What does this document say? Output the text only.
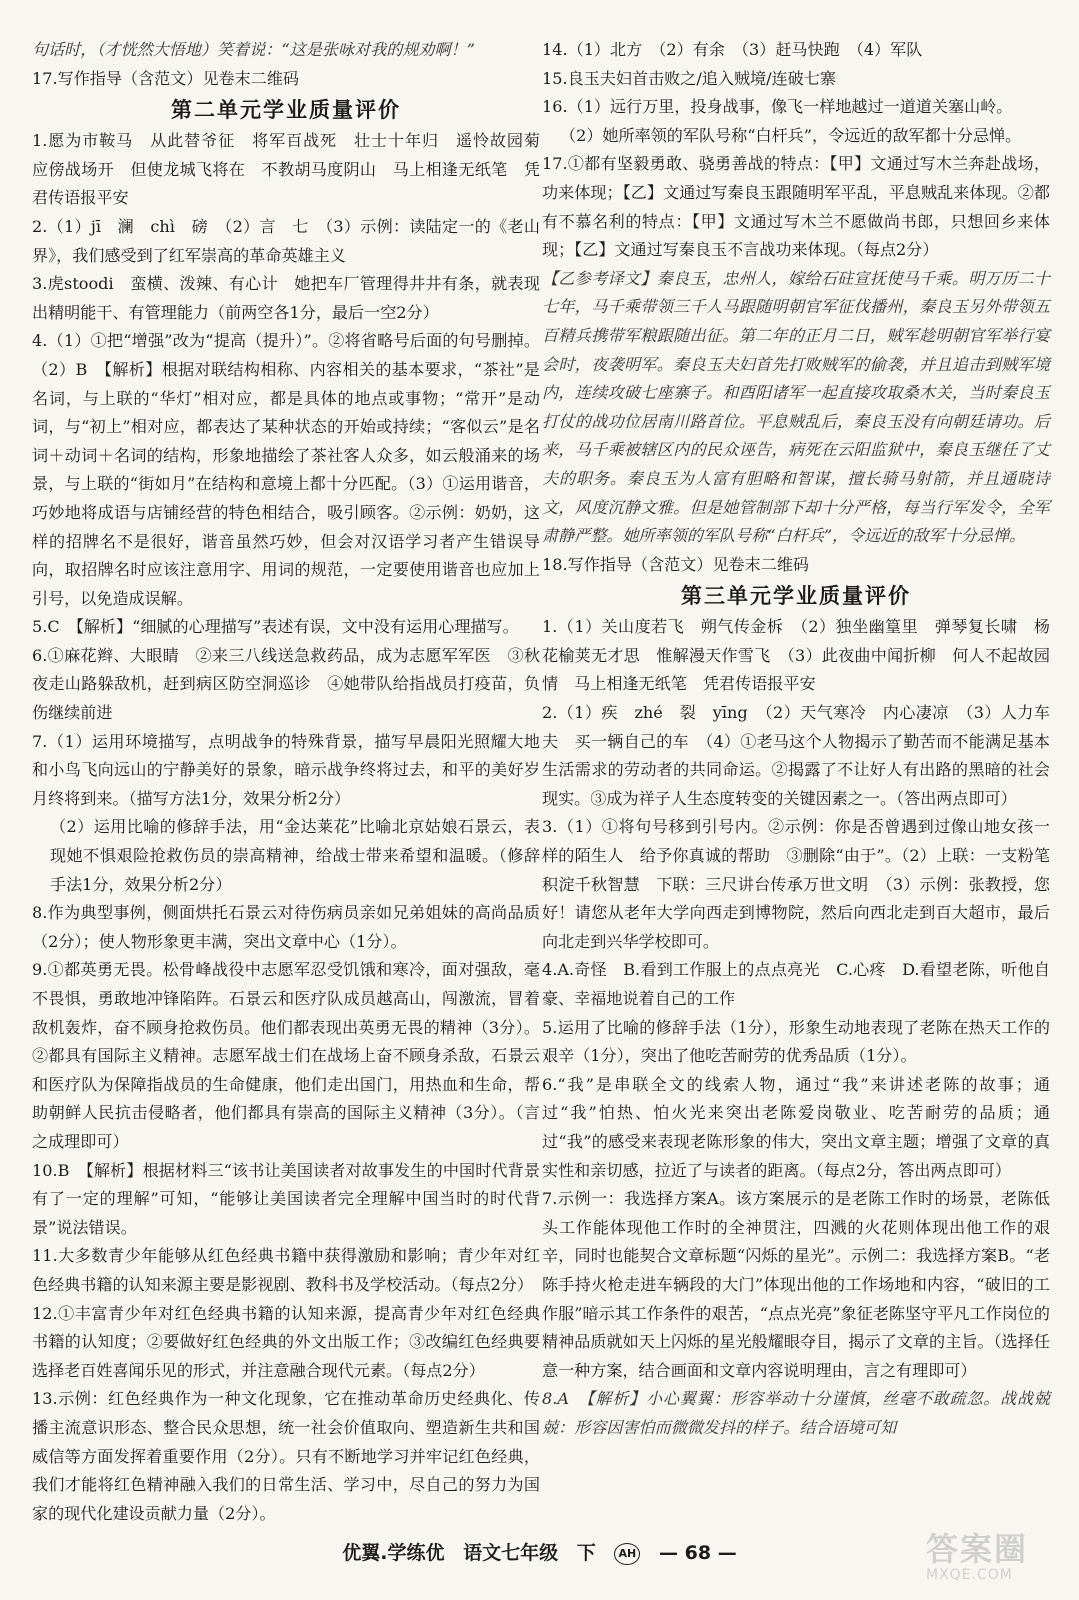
句话时，（才恍然大悟地）笑着说：“这是张咏对我的规劝啊！”

17.写作指导（含范文）见卷末二维码

第二单元学业质量评价

1.愿为市鞍马　从此替爷征　将军百战死　壮士十年归　遥怜故园菊　应傍战场开　但使龙城飞将在　不教胡马度阴山　马上相逢无纸笔　凭君传语报平安

2.（1）jī　澜　chì　磅　（2）言　七　（3）示例：读陆定一的《老山界》，我们感受到了红军崇高的革命英雄主义

3.虎stoodi　蛮横、泼辣、有心计　她把车厂管理得井井有条，就表现出精明能干、有管理能力（前两空各1分，最后一空2分）

4.（1）①把“增强”改为“提高（提升）”。②将省略号后面的句号删掉。（2）B　【解析】根据对联结构相称、内容相关的基本要求，“茶社”是名词，与上联的“华灯”相对应，都是具体的地点或事物；“常开”是动词，与“初上”相对应，都表达了某种状态的开始或持续；“客似云”是名词＋动词＋名词的结构，形象地描绘了茶社客人众多，如云般涌来的场景，与上联的“街如月”在结构和意境上都十分匹配。（3）①运用谐音，巧妙地将成语与店铺经营的特色相结合，吸引顾客。②示例：奶奶，这样的招牌名不是很好，谐音虽然巧妙，但会对汉语学习者产生错误导向，取招牌名时应该注意用字、用词的规范，一定要使用谐音也应加上引号，以免造成误解。

5.C　【解析】“细腻的心理描写”表述有误，文中没有运用心理描写。

6.①麻花辫、大眼睛　②来三八线送急救药品，成为志愿军军医　③秋夜走山路躲敌机，赶到病区防空洞巡诊　④她带队给指战员打疫苗，负伤继续前进

7.（1）运用环境描写，点明战争的特殊背景，描写早晨阳光照耀大地和小鸟飞向远山的宁静美好的景象，暗示战争终将过去，和平的美好岁月终将到来。（描写方法1分，效果分析2分）

（2）运用比喻的修辞手法，用“金达莱花”比喻北京姑娘石景云，表现她不惧艰险抢救伤员的崇高精神，给战士带来希望和温暖。（修辞手法1分，效果分析2分）

8.作为典型事例，侧面烘托石景云对待伤病员亲如兄弟姐妹的高尚品质（2分）；使人物形象更丰满，突出文章中心（1分）。

9.①都英勇无畏。松骨峰战役中志愿军忍受饥饿和寒冷，面对强敌，毫不畏惧，勇敢地冲锋陷阵。石景云和医疗队成员越高山，闯激流，冒着敌机轰炸，奋不顾身抢救伤员。他们都表现出英勇无畏的精神（3分）。②都具有国际主义精神。志愿军战士们在战场上奋不顾身杀敌，石景云和医疗队为保障指战员的生命健康，他们走出国门，用热血和生命，帮助朝鲜人民抗击侵略者，他们都具有崇高的国际主义精神（3分）。（言之成理即可）

10.B　【解析】根据材料三“该书让美国读者对故事发生的中国时代背景有了一定的理解”可知，“能够让美国读者完全理解中国当时的时代背景”说法错误。

11.大多数青少年能够从红色经典书籍中获得激励和影响；青少年对红色经典书籍的认知来源主要是影视剧、教科书及学校活动。（每点2分）

12.①丰富青少年对红色经典书籍的认知来源，提高青少年对红色经典书籍的认知度；②要做好红色经典的外文出版工作；③改编红色经典要选择老百姓喜闻乐见的形式，并注意融合现代元素。（每点2分）

13.示例：红色经典作为一种文化现象，它在推动革命历史经典化、传播主流意识形态、整合民众思想，统一社会价值取向、塑造新生共和国威信等方面发挥着重要作用（2分）。只有不断地学习并牢记红色经典，我们才能将红色精神融入我们的日常生活、学习中，尽自己的努力为国家的现代化建设贡献力量（2分）。

14.（1）北方　（2）有余　（3）赶马快跑　（4）军队

15.良玉夫妇首击败之/追入贼境/连破七寨

16.（1）远行万里，投身战事，像飞一样地越过一道道关塞山岭。

（2）她所率领的军队号称“白杆兵”，令远近的敌军都十分忌惮。

17.①都有坚毅勇敢、骁勇善战的特点：【甲】文通过写木兰奔赴战场，功来体现；【乙】文通过写秦良玉跟随明军平乱，平息贼乱来体现。②都有不慕名利的特点：【甲】文通过写木兰不愿做尚书郎，只想回乡来体现；【乙】文通过写秦良玉不言战功来体现。（每点2分）

【乙参考译文】秦良玉，忠州人，嫁给石砫宣抚使马千乘。明万历二十七年，马千乘带领三千人马跟随明朝官军征伐播州，秦良玉另外带领五百精兵携带军粮跟随出征。第二年的正月二日，贼军趁明朝官军举行宴会时，夜袭明军。秦良玉夫妇首先打败贼军的偷袭，并且追击到贼军境内，连续攻破七座寨子。和酉阳诸军一起直接攻取桑木关，当时秦良玉打仗的战功位居南川路首位。平息贼乱后，秦良玉没有向朝廷请功。后来，马千乘被辖区内的民众诬告，病死在云阳监狱中，秦良玉继任了丈夫的职务。秦良玉为人富有胆略和智谋，擅长骑马射箭，并且通晓诗文，风度沉静文雅。但是她管制部下却十分严格，每当行军发令，全军肃静严整。她所率领的军队号称“白杆兵”，令远近的敌军十分忌惮。

18.写作指导（含范文）见卷末二维码

第三单元学业质量评价

1.（1）关山度若飞　朔气传金柝　（2）独坐幽篁里　弹琴复长啸　杨花榆荚无才思　惟解漫天作雪飞　（3）此夜曲中闻折柳　何人不起故园情　马上相逢无纸笔　凭君传语报平安

2.（1）疾　zhé　裂　yīng　（2）天气寒冷　内心凄凉　（3）人力车夫　买一辆自己的车　（4）①老马这个人物揭示了勤苦而不能满足基本生活需求的劳动者的共同命运。②揭露了不让好人有出路的黑暗的社会现实。③成为祥子人生态度转变的关键因素之一。（答出两点即可）

3.（1）①将句号移到引号内。②示例：你是否曾遇到过像山地女孩一样的陌生人　给予你真诚的帮助　③删除“由于”。（2）上联：一支粉笔积淀千秋智慧　下联：三尺讲台传承万世文明　（3）示例：张教授，您好！请您从老年大学向西走到博物院，然后向西北走到百大超市，最后向北走到兴华学校即可。

4.A.奇怪　B.看到工作服上的点点亮光　C.心疼　D.看望老陈，听他自豪、幸福地说着自己的工作

5.运用了比喻的修辞手法（1分），形象生动地表现了老陈在热天工作的艰辛（1分），突出了他吃苦耐劳的优秀品质（1分）。

6.“我”是串联全文的线索人物，通过“我”来讲述老陈的故事；通过“我”怕热、怕火光来突出老陈爱岗敬业、吃苦耐劳的品质；通过“我”的感受来表现老陈形象的伟大，突出文章主题；增强了文章的真实性和亲切感，拉近了与读者的距离。（每点2分，答出两点即可）

7.示例一：我选择方案A。该方案展示的是老陈工作时的场景，老陈低头工作能体现他工作时的全神贯注，四溅的火花则体现出他工作的艰辛，同时也能契合文章标题“闪烁的星光”。示例二：我选择方案B。“老陈手持火枪走进车辆段的大门”体现出他的工作场地和内容，“破旧的工作服”暗示其工作条件的艰苦，“点点光亮”象征老陈坚守平凡工作岗位的精神品质就如天上闪烁的星光般耀眼夺目，揭示了文章的主旨。（选择任意一种方案，结合画面和文章内容说明理由，言之有理即可）

8.A　【解析】小心翼翼：形容举动十分谨慎，丝毫不敢疏忽。战战兢兢：形容因害怕而微微发抖的样子。结合语境可知

优翼.学练优 语文七年级 下 AH — 68 —	答案圈
MXQE.COM
